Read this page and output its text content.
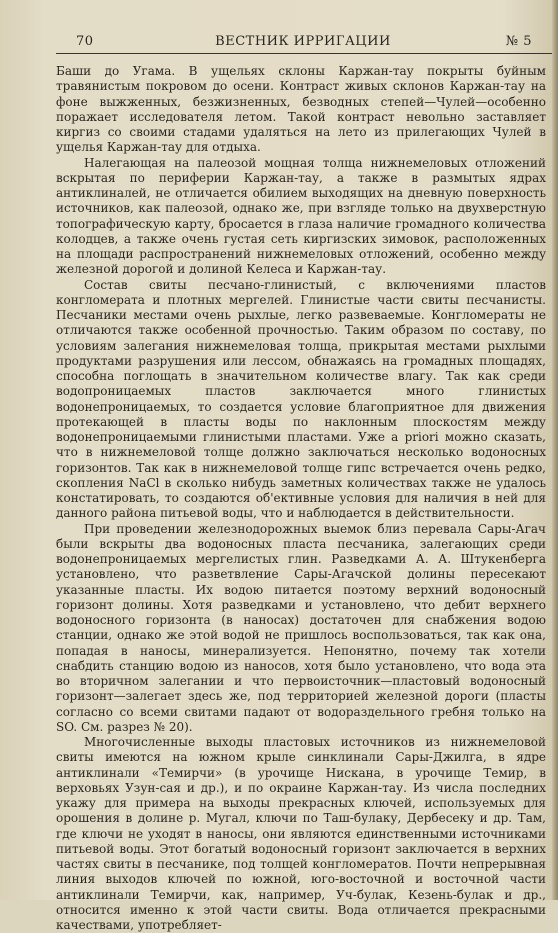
70	ВЕСТНИК ИРРИГАЦИИ	№ 5

Баши до Угама. В ущельях склоны Каржан-тау покрыты буйным травянистым покровом до осени. Контраст живых склонов Каржан-тау на фоне выжженных, безжизненных, безводных степей—Чулей—особенно поражает исследователя летом. Такой контраст невольно заставляет киргиз со своими стадами удаляться на лето из прилегающих Чулей в ущелья Каржан-тау для отдыха.

Налегающая на палеозой мощная толща нижнемеловых отложений вскрытая по периферии Каржан-тау, а также в размытых ядрах антиклиналей, не отличается обилием выходящих на дневную поверхность источников, как палеозой, однако же, при взгляде только на двухверстную топографическую карту, бросается в глаза наличие громадного количества колодцев, а также очень густая сеть киргизских зимовок, расположенных на площади распространений нижнемеловых отложений, особенно между железной дорогой и долиной Келеса и Каржан-тау.

Состав свиты песчано-глинистый, с включениями пластов конгломерата и плотных мергелей. Глинистые части свиты песчанисты. Песчаники местами очень рыхлые, легко развеваемые. Конгломераты не отличаются также особенной прочностью. Таким образом по составу, по условиям залегания нижнемеловая толща, прикрытая местами рыхлыми продуктами разрушения или лессом, обнажаясь на громадных площадях, способна поглощать в значительном количестве влагу. Так как среди водопроницаемых пластов заключается много глинистых водонепроницаемых, то создается условие благоприятное для движения протекающей в пласты воды по наклонным плоскостям между водонепроницаемыми глинистыми пластами. Уже a priori можно сказать, что в нижнемеловой толще должно заключаться несколько водоносных горизонтов. Так как в нижнемеловой толще гипс встречается очень редко, скопления NaCl в сколько нибудь заметных количествах также не удалось констатировать, то создаются об'ективные условия для наличия в ней для данного района питьевой воды, что и наблюдается в действительности.

При проведении железнодорожных выемок близ перевала Сары-Агач были вскрыты два водоносных пласта песчаника, залегающих среди водонепроницаемых мергелистых глин. Разведками А. А. Штукенберга установлено, что разветвление Сары-Агачской долины пересекают указанные пласты. Их водою питается поэтому верхний водоносный горизонт долины. Хотя разведками и установлено, что дебит верхнего водоносного горизонта (в наносах) достаточен для снабжения водою станции, однако же этой водой не пришлось воспользоваться, так как она, попадая в наносы, минерализуется. Непонятно, почему так хотели снабдить станцию водою из наносов, хотя было установлено, что вода эта во вторичном залегании и что первоисточник—пластовый водоносный горизонт—залегает здесь же, под территорией железной дороги (пласты согласно со всеми свитами падают от водораздельного гребня только на SO. См. разрез № 20).

Многочисленные выходы пластовых источников из нижнемеловой свиты имеются на южном крыле синклинали Сары-Джилга, в ядре антиклинали «Темирчи» (в урочище Нискана, в урочище Темир, в верховьях Узун-сая и др.), и по окраине Каржан-тау. Из числа последних укажу для примера на выходы прекрасных ключей, используемых для орошения в долине р. Мугал, ключи по Таш-булаку, Дербесеку и др. Там, где ключи не уходят в наносы, они являются единственными источниками питьевой воды. Этот богатый водоносный горизонт заключается в верхних частях свиты в песчанике, под толщей конгломератов. Почти непрерывная линия выходов ключей по южной, юго-восточной и восточной части антиклинали Темирчи, как, например, Уч-булак, Кезень-булак и др., относится именно к этой части свиты. Вода отличается прекрасными качествами, употребляет-
